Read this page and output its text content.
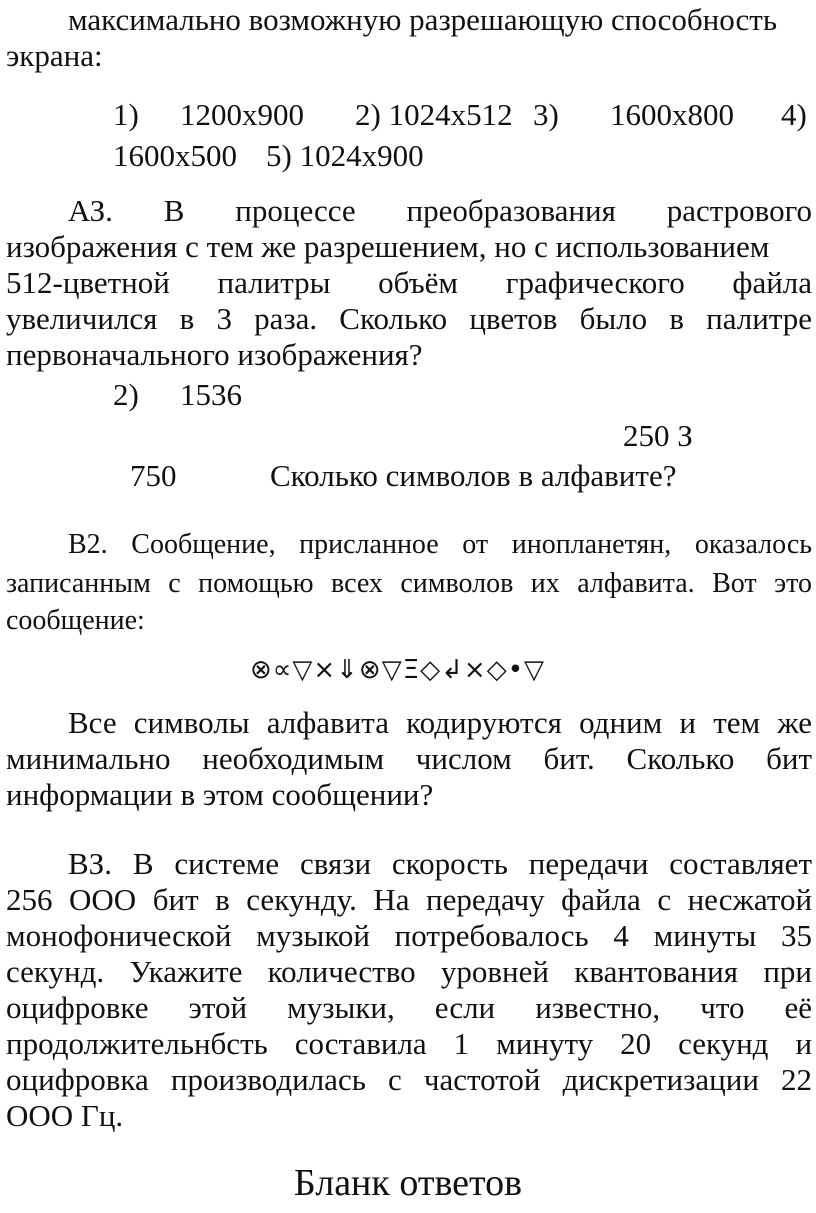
максимально возможную разрешающую способность
экрана:
1) 1200х900 2) 1024х512 3) 1600х800 4)
1600х500 5) 1024х900
АЗ. В процессе преобразования растрового
изображения с тем же разрешением, но с использованием
512-цветной палитры объём графического файла
увеличился в 3 раза. Сколько цветов было в палитре
первоначального изображения?
2) 1536
250 З
750	Сколько символов в алфавите?
В2. Сообщение, присланное от инопланетян, оказалось
записанным с помощью всех символов их алфавита. Вот это
сообщение:
⊗∝▽×⇓⊗▽Ξ◇↲×◇•▽
Все символы алфавита кодируются одним и тем же
минимально необходимым числом бит. Сколько бит
информации в этом сообщении?
ВЗ. В системе связи скорость передачи составляет
256 ООО бит в секунду. На передачу файла с несжатой
монофонической музыкой потребовалось 4 минуты 35
секунд. Укажите количество уровней квантования при
оцифровке этой музыки, если известно, что её
продолжительнбсть составила 1 минуту 20 секунд и
оцифровка производилась с частотой дискретизации 22
ООО Гц.
Бланк ответов
